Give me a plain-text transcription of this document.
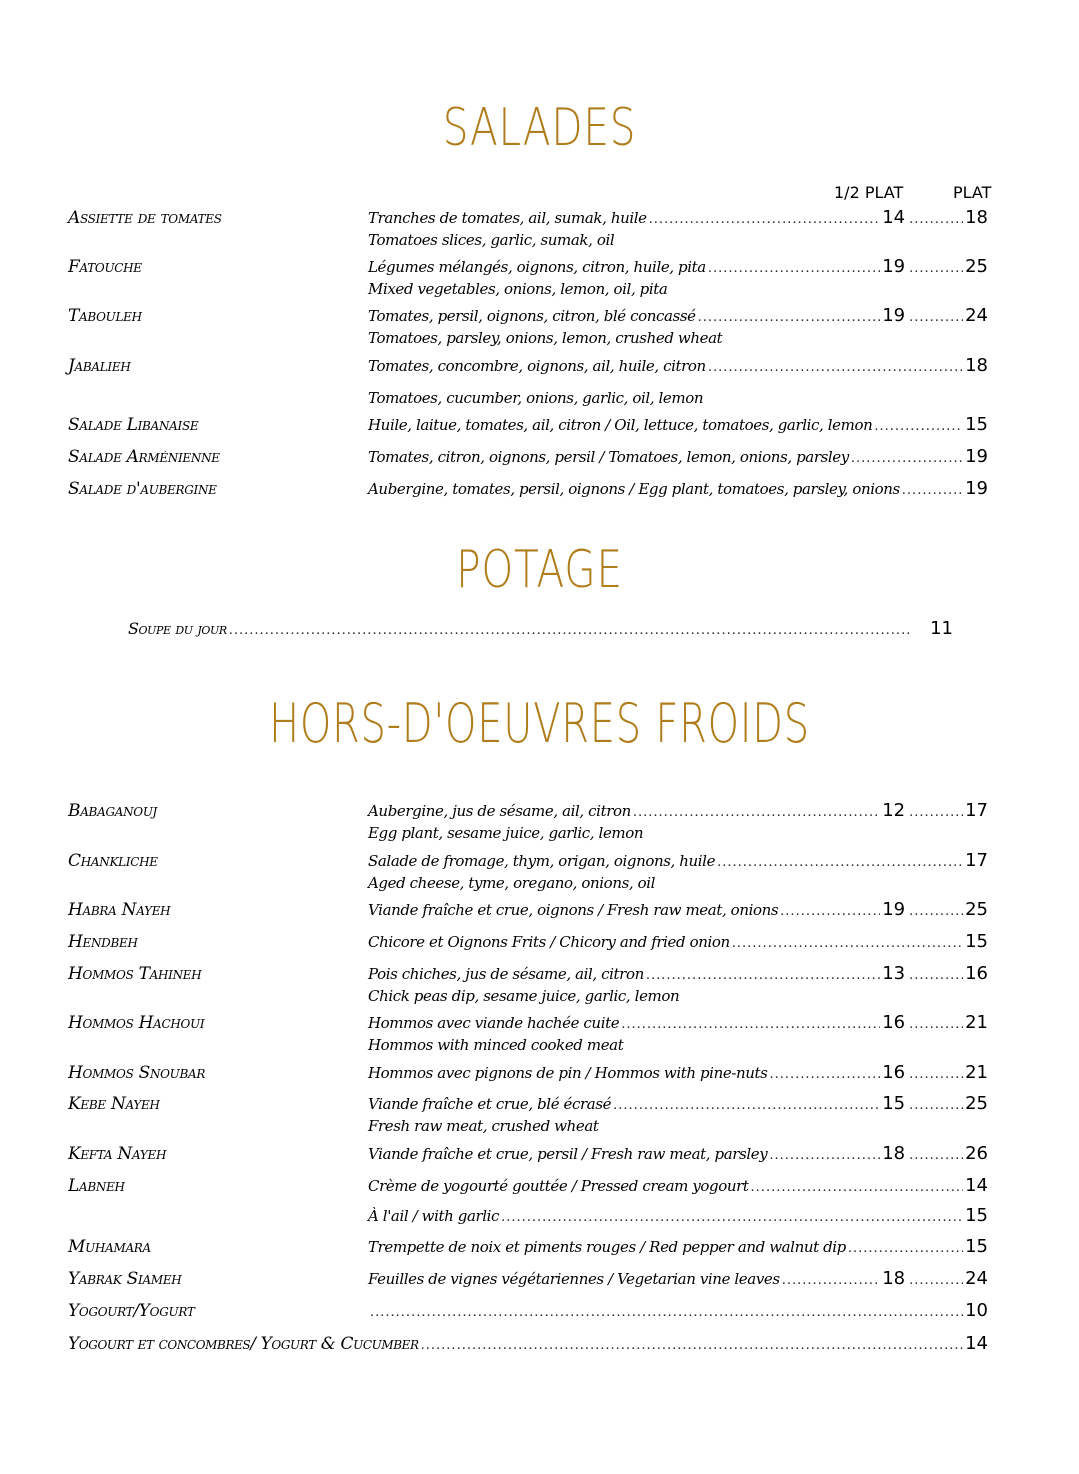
SALADES
1/2 PLAT	PLAT
Assiette de tomates	Tranches de tomates, ail, sumak, huile .....	14 .....	18
Tomatoes slices, garlic, sumak, oil
Fatouche	Légumes mélangés, oignons, citron, huile, pita .....	19 .....	25
Mixed vegetables, onions, lemon, oil, pita
Tabouleh	Tomates, persil, oignons, citron, blé concassé .....	19 .....	24
Tomatoes, parsley, onions, lemon, crushed wheat
Jabalieh	Tomates, concombre, oignons, ail, huile, citron .....	18
Tomatoes, cucumber, onions, garlic, oil, lemon
Salade Libanaise	Huile, laitue, tomates, ail, citron / Oil, lettuce, tomatoes, garlic, lemon .....	15
Salade Arménienne	Tomates, citron, oignons, persil / Tomatoes, lemon, onions, parsley .....	19
Salade d'aubergine	Aubergine, tomates, persil, oignons / Egg plant, tomatoes, parsley, onions .....	19
POTAGE
Soupe du jour .....	11
HORS-D'OEUVRES FROIDS
Babaganouj	Aubergine, jus de sésame, ail, citron .....	12 .....	17
Egg plant, sesame juice, garlic, lemon
Chankliche	Salade de fromage, thym, origan, oignons, huile .....	17
Aged cheese, tyme, oregano, onions, oil
Habra Nayeh	Viande fraîche et crue, oignons / Fresh raw meat, onions .....	19 .....	25
Hendbeh	Chicore et Oignons Frits / Chicory and fried onion .....	15
Hommos Tahineh	Pois chiches, jus de sésame, ail, citron .....	13 .....	16
Chick peas dip, sesame juice, garlic, lemon
Hommos Hachoui	Hommos avec viande hachée cuite .....	16 .....	21
Hommos with minced cooked meat
Hommos Snoubar	Hommos avec pignons de pin / Hommos with pine-nuts .....	16 .....	21
Kebe Nayeh	Viande fraîche et crue, blé écrasé .....	15 .....	25
Fresh raw meat, crushed wheat
Kefta Nayeh	Viande fraîche et crue, persil / Fresh raw meat, parsley .....	18 .....	26
Labneh	Crème de yogourté gouttée / Pressed cream yogourt .....	14
À l'ail / with garlic .....	15
Muhamara	Trempette de noix et piments rouges / Red pepper and walnut dip .....	15
Yabrak Siameh	Feuilles de vignes végétariennes / Vegetarian vine leaves .....	18 .....	24
Yogourt/Yogurt .....	10
Yogourt et concombres/ Yogurt & Cucumber .....	14
